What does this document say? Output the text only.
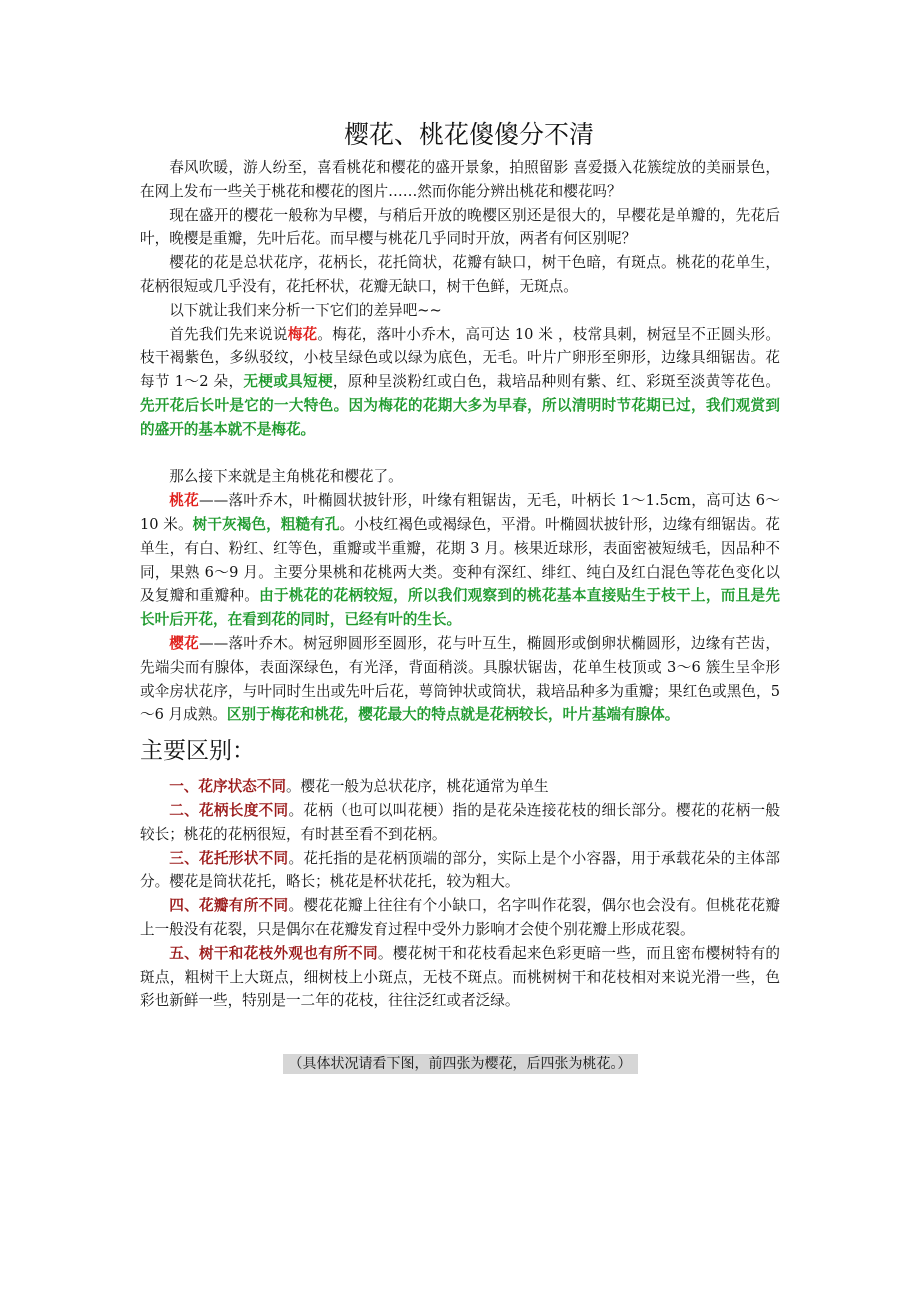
樱花、桃花傻傻分不清

春风吹暖，游人纷至，喜看桃花和樱花的盛开景象，拍照留影 喜爱摄入花簇绽放的美丽景色，在网上发布一些关于桃花和樱花的图片……然而你能分辨出桃花和樱花吗？

现在盛开的樱花一般称为早樱，与稍后开放的晚樱区别还是很大的，早樱花是单瓣的，先花后叶，晚樱是重瓣，先叶后花。而早樱与桃花几乎同时开放，两者有何区别呢？

樱花的花是总状花序，花柄长，花托筒状，花瓣有缺口，树干色暗，有斑点。桃花的花单生，花柄很短或几乎没有，花托杯状，花瓣无缺口，树干色鲜，无斑点。

以下就让我们来分析一下它们的差异吧~~

首先我们先来说说梅花。梅花，落叶小乔木，高可达 10 米 ，枝常具刺，树冠呈不正圆头形。枝干褐紫色，多纵驳纹，小枝呈绿色或以绿为底色，无毛。叶片广卵形至卵形，边缘具细锯齿。花每节 1～2 朵，无梗或具短梗，原种呈淡粉红或白色，栽培品种则有紫、红、彩斑至淡黄等花色。先开花后长叶是它的一大特色。因为梅花的花期大多为早春，所以清明时节花期已过，我们观赏到的盛开的基本就不是梅花。

那么接下来就是主角桃花和樱花了。

桃花——落叶乔木，叶椭圆状披针形，叶缘有粗锯齿，无毛，叶柄长 1～1.5cm，高可达 6～10 米。树干灰褐色，粗糙有孔。小枝红褐色或褐绿色，平滑。叶椭圆状披针形，边缘有细锯齿。花单生，有白、粉红、红等色，重瓣或半重瓣，花期 3 月。核果近球形，表面密被短绒毛，因品种不同，果熟 6～9 月。主要分果桃和花桃两大类。变种有深红、绯红、纯白及红白混色等花色变化以及复瓣和重瓣种。由于桃花的花柄较短，所以我们观察到的桃花基本直接贴生于枝干上，而且是先长叶后开花，在看到花的同时，已经有叶的生长。

樱花——落叶乔木。树冠卵圆形至圆形，花与叶互生，椭圆形或倒卵状椭圆形，边缘有芒齿，先端尖而有腺体，表面深绿色，有光泽，背面稍淡。具腺状锯齿，花单生枝顶或 3～6 簇生呈伞形或伞房状花序，与叶同时生出或先叶后花，萼筒钟状或筒状，栽培品种多为重瓣；果红色或黑色，5～6 月成熟。区别于梅花和桃花，樱花最大的特点就是花柄较长，叶片基端有腺体。

主要区别：

一、花序状态不同。樱花一般为总状花序，桃花通常为单生

二、花柄长度不同。花柄（也可以叫花梗）指的是花朵连接花枝的细长部分。樱花的花柄一般较长；桃花的花柄很短，有时甚至看不到花柄。

三、花托形状不同。花托指的是花柄顶端的部分，实际上是个小容器，用于承载花朵的主体部分。樱花是筒状花托，略长；桃花是杯状花托，较为粗大。

四、花瓣有所不同。樱花花瓣上往往有个小缺口，名字叫作花裂，偶尔也会没有。但桃花花瓣上一般没有花裂，只是偶尔在花瓣发育过程中受外力影响才会使个别花瓣上形成花裂。

五、树干和花枝外观也有所不同。樱花树干和花枝看起来色彩更暗一些，而且密布樱树特有的斑点，粗树干上大斑点，细树枝上小斑点，无枝不斑点。而桃树树干和花枝相对来说光滑一些，色彩也新鲜一些，特别是一二年的花枝，往往泛红或者泛绿。

（具体状况请看下图，前四张为樱花，后四张为桃花。）
